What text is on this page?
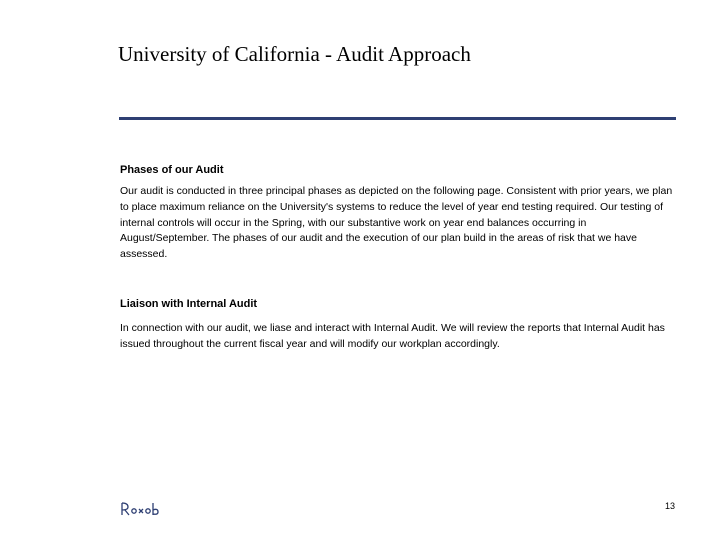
University of California - Audit Approach
Phases of our Audit
Our audit is conducted in three principal phases as depicted on the following page. Consistent with prior years, we plan to place maximum reliance on the University's systems to reduce the level of year end testing required. Our testing of internal controls will occur in the Spring, with our substantive work on year end balances occurring in August/September. The phases of our audit and the execution of our plan build in the areas of risk that we have assessed.
Liaison with Internal Audit
In connection with our audit, we liase and interact with Internal Audit. We will review the reports that Internal Audit has issued throughout the current fiscal year and will modify our workplan accordingly.
13
